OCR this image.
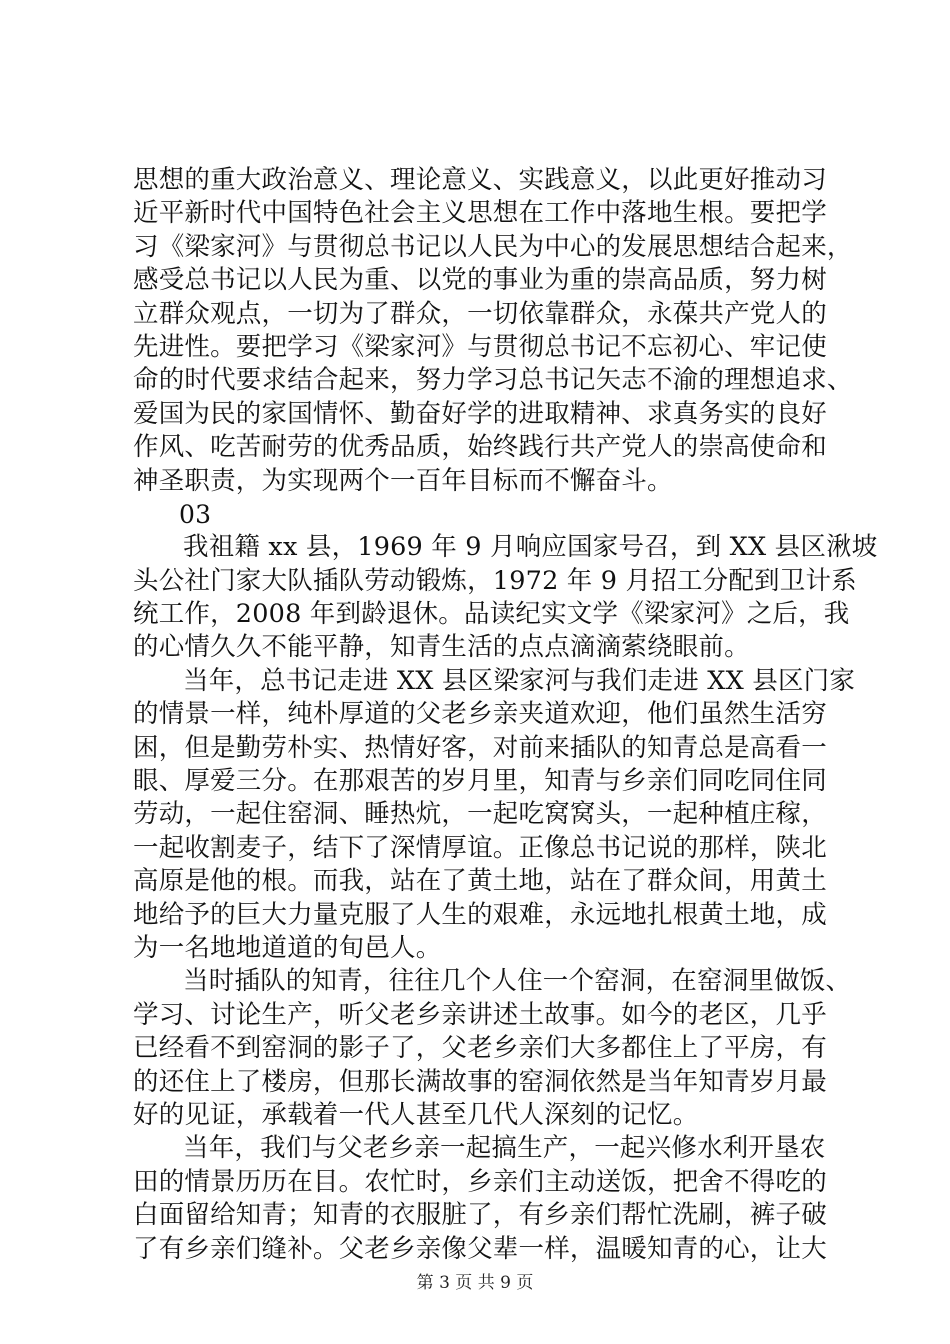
思想的重大政治意义、理论意义、实践意义，以此更好推动习
近平新时代中国特色社会主义思想在工作中落地生根。要把学
习《梁家河》与贯彻总书记以人民为中心的发展思想结合起来，
感受总书记以人民为重、以党的事业为重的崇高品质，努力树
立群众观点，一切为了群众，一切依靠群众，永葆共产党人的
先进性。要把学习《梁家河》与贯彻总书记不忘初心、牢记使
命的时代要求结合起来，努力学习总书记矢志不渝的理想追求、
爱国为民的家国情怀、勤奋好学的进取精神、求真务实的良好
作风、吃苦耐劳的优秀品质，始终践行共产党人的崇高使命和
神圣职责，为实现两个一百年目标而不懈奋斗。
03
我祖籍 xx 县，1969 年 9 月响应国家号召，到 XX 县区湫坡
头公社门家大队插队劳动锻炼，1972 年 9 月招工分配到卫计系
统工作，2008 年到龄退休。品读纪实文学《梁家河》之后，我
的心情久久不能平静，知青生活的点点滴滴萦绕眼前。
当年，总书记走进 XX 县区梁家河与我们走进 XX 县区门家
的情景一样，纯朴厚道的父老乡亲夹道欢迎，他们虽然生活穷
困，但是勤劳朴实、热情好客，对前来插队的知青总是高看一
眼、厚爱三分。在那艰苦的岁月里，知青与乡亲们同吃同住同
劳动，一起住窑洞、睡热炕，一起吃窝窝头，一起种植庄稼，
一起收割麦子，结下了深情厚谊。正像总书记说的那样，陕北
高原是他的根。而我，站在了黄土地，站在了群众间，用黄土
地给予的巨大力量克服了人生的艰难，永远地扎根黄土地，成
为一名地地道道的旬邑人。
当时插队的知青，往往几个人住一个窑洞，在窑洞里做饭、
学习、讨论生产，听父老乡亲讲述土故事。如今的老区，几乎
已经看不到窑洞的影子了，父老乡亲们大多都住上了平房，有
的还住上了楼房，但那长满故事的窑洞依然是当年知青岁月最
好的见证，承载着一代人甚至几代人深刻的记忆。
当年，我们与父老乡亲一起搞生产，一起兴修水利开垦农
田的情景历历在目。农忙时，乡亲们主动送饭，把舍不得吃的
白面留给知青；知青的衣服脏了，有乡亲们帮忙洗刷，裤子破
了有乡亲们缝补。父老乡亲像父辈一样，温暖知青的心，让大
第 3 页 共 9 页
